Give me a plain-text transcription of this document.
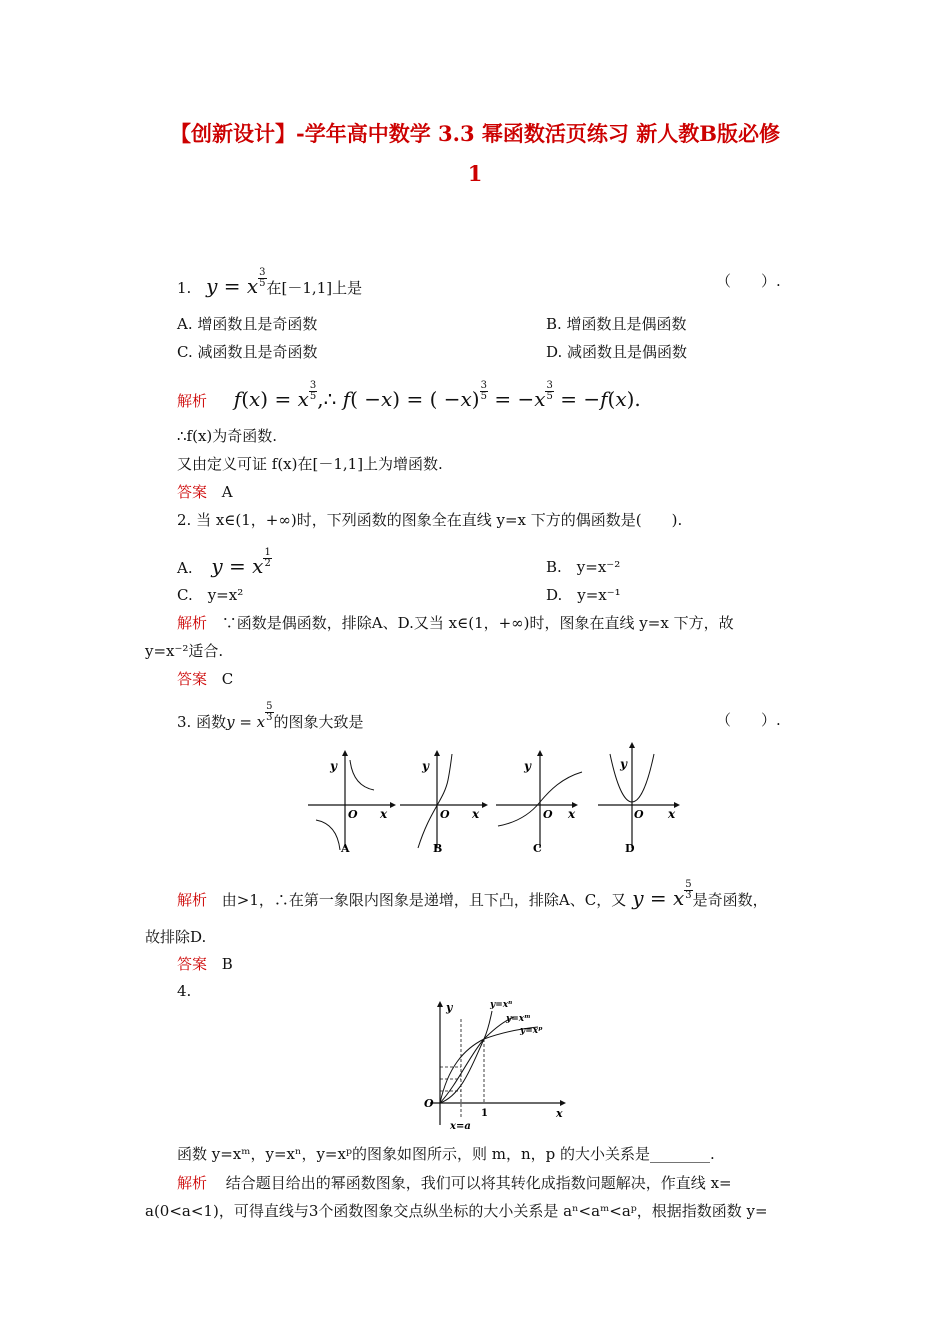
【创新设计】-学年高中数学 3.3 幂函数活页练习 新人教B版必修
1
1. y = x $\frac{3}{5}$ 在[－1,1]上是	（　　）.
A. 增函数且是奇函数	B. 增函数且是偶函数
C. 减函数且是奇函数	D. 减函数且是偶函数
解析 f(x) = x $\frac{3}{5}$ ,∴ f( −x) = ( $-x) \frac{3}{5} = -x \frac{3}{5} = -f(x)$.
∴f(x)为奇函数.
又由定义可证 f(x)在[－1,1]上为增函数.
答案 A
2. 当 x∈(1，+∞)时，下列函数的图象全在直线 y=x 下方的偶函数是(　　).
A. y = x $\frac{1}{2}$	B.　y=x⁻²
C.　y=x²	D.　y=x⁻¹
解析 ∵函数是偶函数，排除A、D.又当 x∈(1，+∞)时，图象在直线 y=x 下方，故
y=x⁻²适合.
答案 C
3. 函数y = x $\frac{5}{3}$ 的图象大致是	（　　）.
y
O x
A
y
O x
B
y
O x
C
y
O x
D
解析 由>1，∴在第一象限内图象是递增，且下凸，排除A、C，又 y = x $\frac{5}{3}$ 是奇函数，
故排除D.
答案 B
4.
O
y
x
1
x=a
y=xⁿ
y=xᵐ
y=xᵖ
函数 y=xᵐ，y=xⁿ，y=xᵖ的图象如图所示，则 m，n，p 的大小关系是________.
解析 结合题目给出的幂函数图象，我们可以将其转化成指数问题解决，作直线 x=
a(0<a<1)，可得直线与3个函数图象交点纵坐标的大小关系是 aⁿ<aᵐ<aᵖ，根据指数函数 y=
